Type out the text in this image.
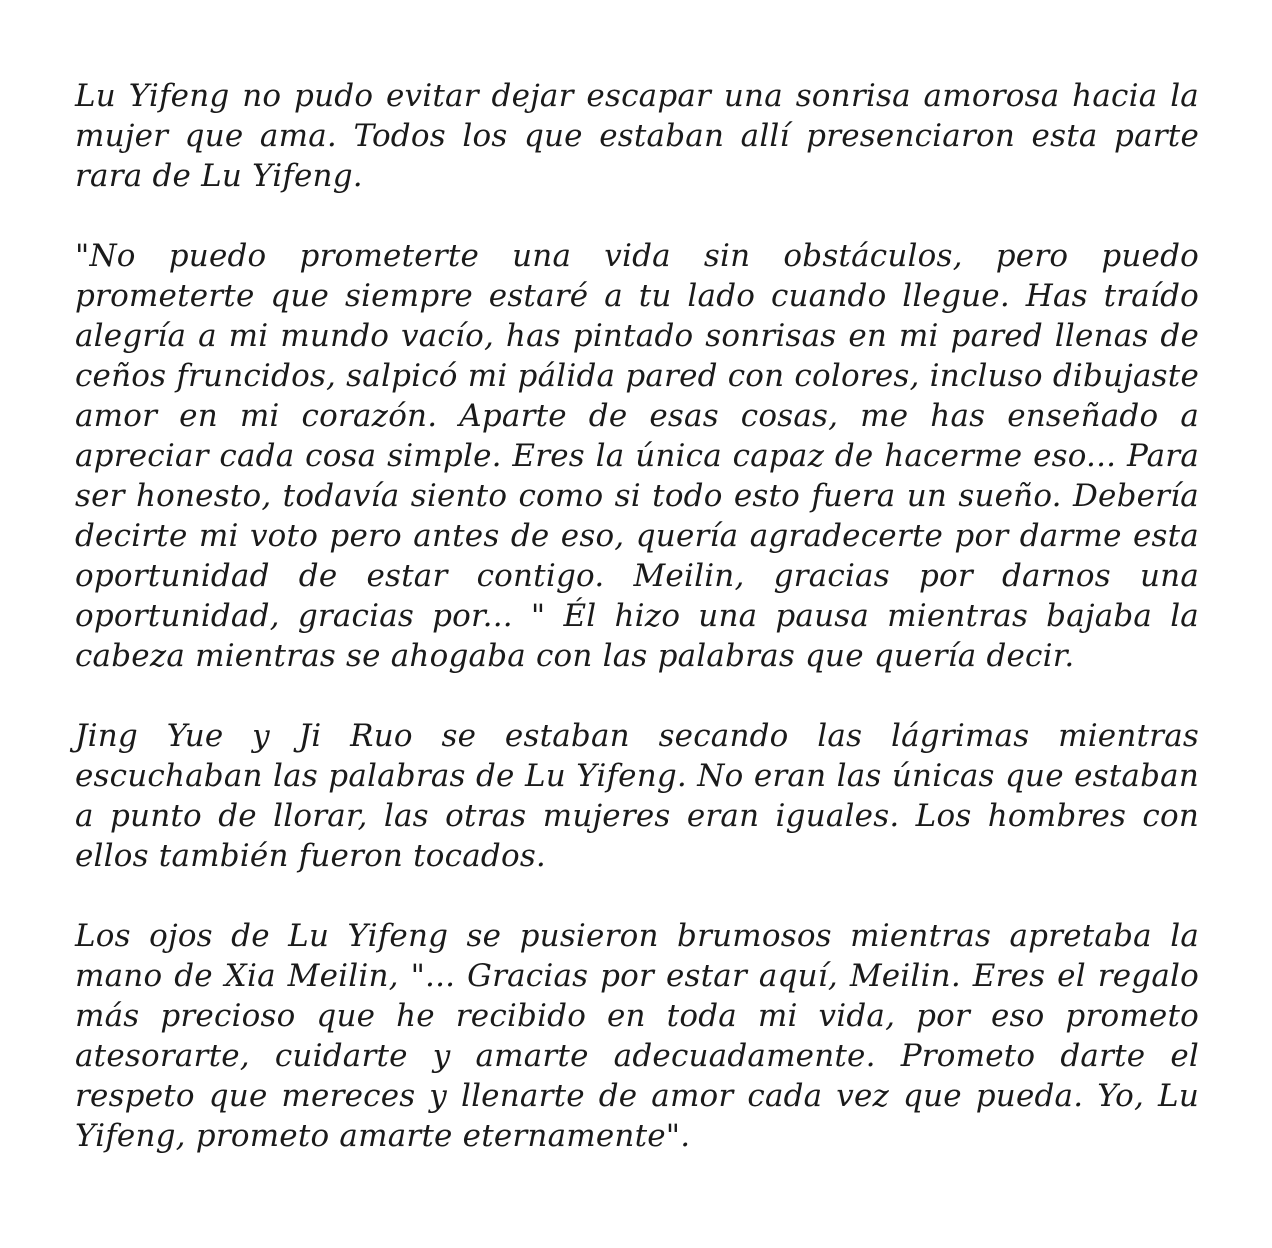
Lu Yifeng no pudo evitar dejar escapar una sonrisa amorosa hacia la mujer que ama. Todos los que estaban allí presenciaron esta parte rara de Lu Yifeng.

"No puedo prometerte una vida sin obstáculos, pero puedo prometerte que siempre estaré a tu lado cuando llegue. Has traído alegría a mi mundo vacío, has pintado sonrisas en mi pared llenas de ceños fruncidos, salpicó mi pálida pared con colores, incluso dibujaste amor en mi corazón. Aparte de esas cosas, me has enseñado a apreciar cada cosa simple. Eres la única capaz de hacerme eso... Para ser honesto, todavía siento como si todo esto fuera un sueño. Debería decirte mi voto pero antes de eso, quería agradecerte por darme esta oportunidad de estar contigo. Meilin, gracias por darnos una oportunidad, gracias por... " Él hizo una pausa mientras bajaba la cabeza mientras se ahogaba con las palabras que quería decir.

Jing Yue y Ji Ruo se estaban secando las lágrimas mientras escuchaban las palabras de Lu Yifeng. No eran las únicas que estaban a punto de llorar, las otras mujeres eran iguales. Los hombres con ellos también fueron tocados.

Los ojos de Lu Yifeng se pusieron brumosos mientras apretaba la mano de Xia Meilin, "... Gracias por estar aquí, Meilin. Eres el regalo más precioso que he recibido en toda mi vida, por eso prometo atesorarte, cuidarte y amarte adecuadamente. Prometo darte el respeto que mereces y llenarte de amor cada vez que pueda. Yo, Lu Yifeng, prometo amarte eternamente".
